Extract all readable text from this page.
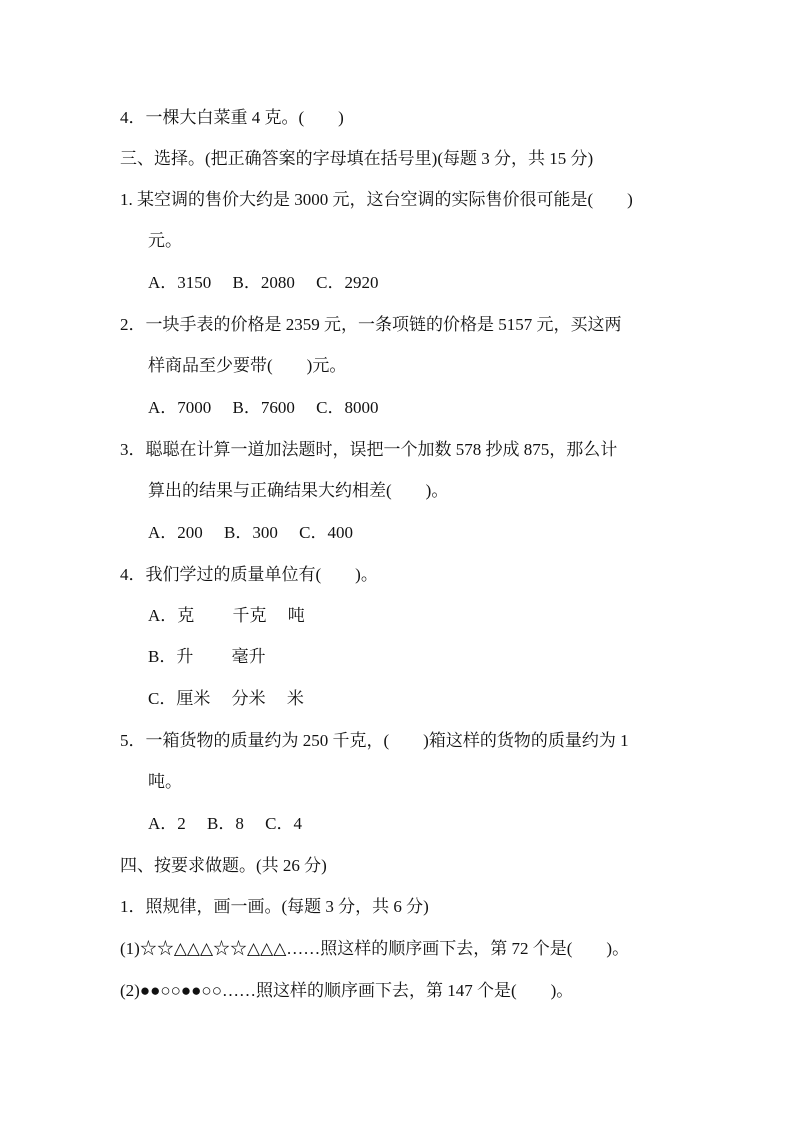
4．一棵大白菜重 4 克。(　　)
三、选择。(把正确答案的字母填在括号里)(每题 3 分，共 15 分)
1. 某空调的售价大约是 3000 元，这台空调的实际售价很可能是(　　)
元。
A．3150　 B．2080　 C．2920
2．一块手表的价格是 2359 元，一条项链的价格是 5157 元，买这两
样商品至少要带(　　)元。
A．7000　 B．7600　 C．8000
3．聪聪在计算一道加法题时，误把一个加数 578 抄成 875，那么计
算出的结果与正确结果大约相差(　　)。
A．200　 B．300　 C．400
4．我们学过的质量单位有(　　)。
A．克　　 千克　 吨
B．升　　 毫升
C．厘米　 分米　 米
5．一箱货物的质量约为 250 千克，(　　)箱这样的货物的质量约为 1
吨。
A．2　 B．8　 C．4
四、按要求做题。(共 26 分)
1．照规律，画一画。(每题 3 分，共 6 分)
(1)☆☆△△△☆☆△△△……照这样的顺序画下去，第 72 个是(　　)。
(2)●●○○●●○○……照这样的顺序画下去，第 147 个是(　　)。
